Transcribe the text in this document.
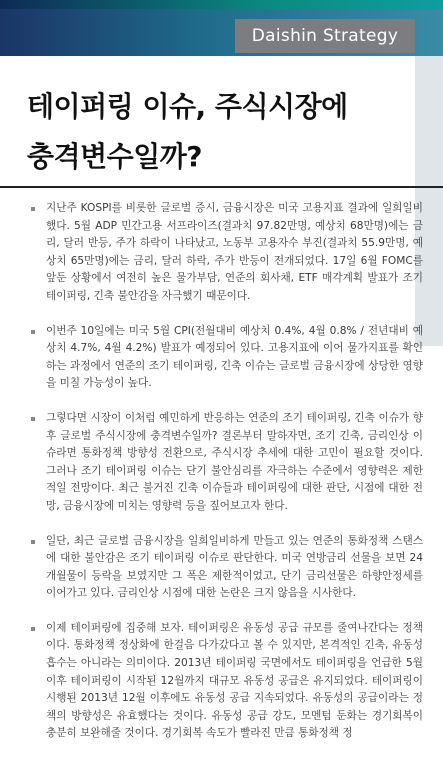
Daishin Strategy
테이퍼링 이슈, 주식시장에
충격변수일까?
지난주 KOSPI를 비롯한 글로벌 증시, 금융시장은 미국 고용지표 결과에 일희일비했다. 5월 ADP 민간고용 서프라이즈(결과치 97.82만명, 예상치 68만명)에는 금리, 달러 반등, 주가 하락이 나타났고, 노동부 고용자수 부진(결과치 55.9만명, 예상치 65만명)에는 금리, 달러 하락, 주가 반등이 전개되었다. 17일 6월 FOMC를 앞둔 상황에서 여전히 높은 물가부담, 연준의 회사채, ETF 매각계획 발표가 조기 테이퍼링, 긴축 불안감을 자극했기 때문이다.
이번주 10일에는 미국 5월 CPI(전월대비 예상치 0.4%, 4월 0.8% / 전년대비 예상치 4.7%, 4월 4.2%) 발표가 예정되어 있다. 고용지표에 이어 물가지표를 확인하는 과정에서 연준의 조기 테이퍼링, 긴축 이슈는 글로벌 금융시장에 상당한 영향을 미칠 가능성이 높다.
그렇다면 시장이 이처럼 예민하게 반응하는 연준의 조기 테이퍼링, 긴축 이슈가 향후 글로벌 주식시장에 충격변수일까? 결론부터 말하자면, 조기 긴축, 금리인상 이슈라면 통화정책 방향성 전환으로, 주식시장 추세에 대한 고민이 필요할 것이다. 그러나 조기 테이퍼링 이슈는 단기 불안심리를 자극하는 수준에서 영향력은 제한적일 전망이다. 최근 불거진 긴축 이슈들과 테이퍼링에 대한 판단, 시점에 대한 전망, 금융시장에 미치는 영향력 등을 짚어보고자 한다.
일단, 최근 글로벌 금융시장을 일희일비하게 만들고 있는 연준의 통화정책 스탠스에 대한 불안감은 조기 테이퍼링 이슈로 판단한다. 미국 연방금리 선물을 보면 24개월물이 등락을 보였지만 그 폭은 제한적이었고, 단기 금리선물은 하향안정세를 이어가고 있다. 금리인상 시점에 대한 논란은 크지 않음을 시사한다.
이제 테이퍼링에 집중해 보자. 테이퍼링은 유동성 공급 규모를 줄여나간다는 정책이다. 통화정책 정상화에 한걸음 다가갔다고 볼 수 있지만, 본격적인 긴축, 유동성 흡수는 아니라는 의미이다. 2013년 테이퍼링 국면에서도 테이퍼링을 언급한 5월 이후 테이퍼링이 시작된 12월까지 대규모 유동성 공급은 유지되었다. 테이퍼링이 시행된 2013년 12월 이후에도 유동성 공급 지속되었다. 유동성의 공급이라는 정책의 방향성은 유효했다는 것이다. 유동성 공급 강도, 모멘텀 둔화는 경기회복이 충분히 보완해줄 것이다. 경기회복 속도가 빨라진 만큼 통화정책 정
